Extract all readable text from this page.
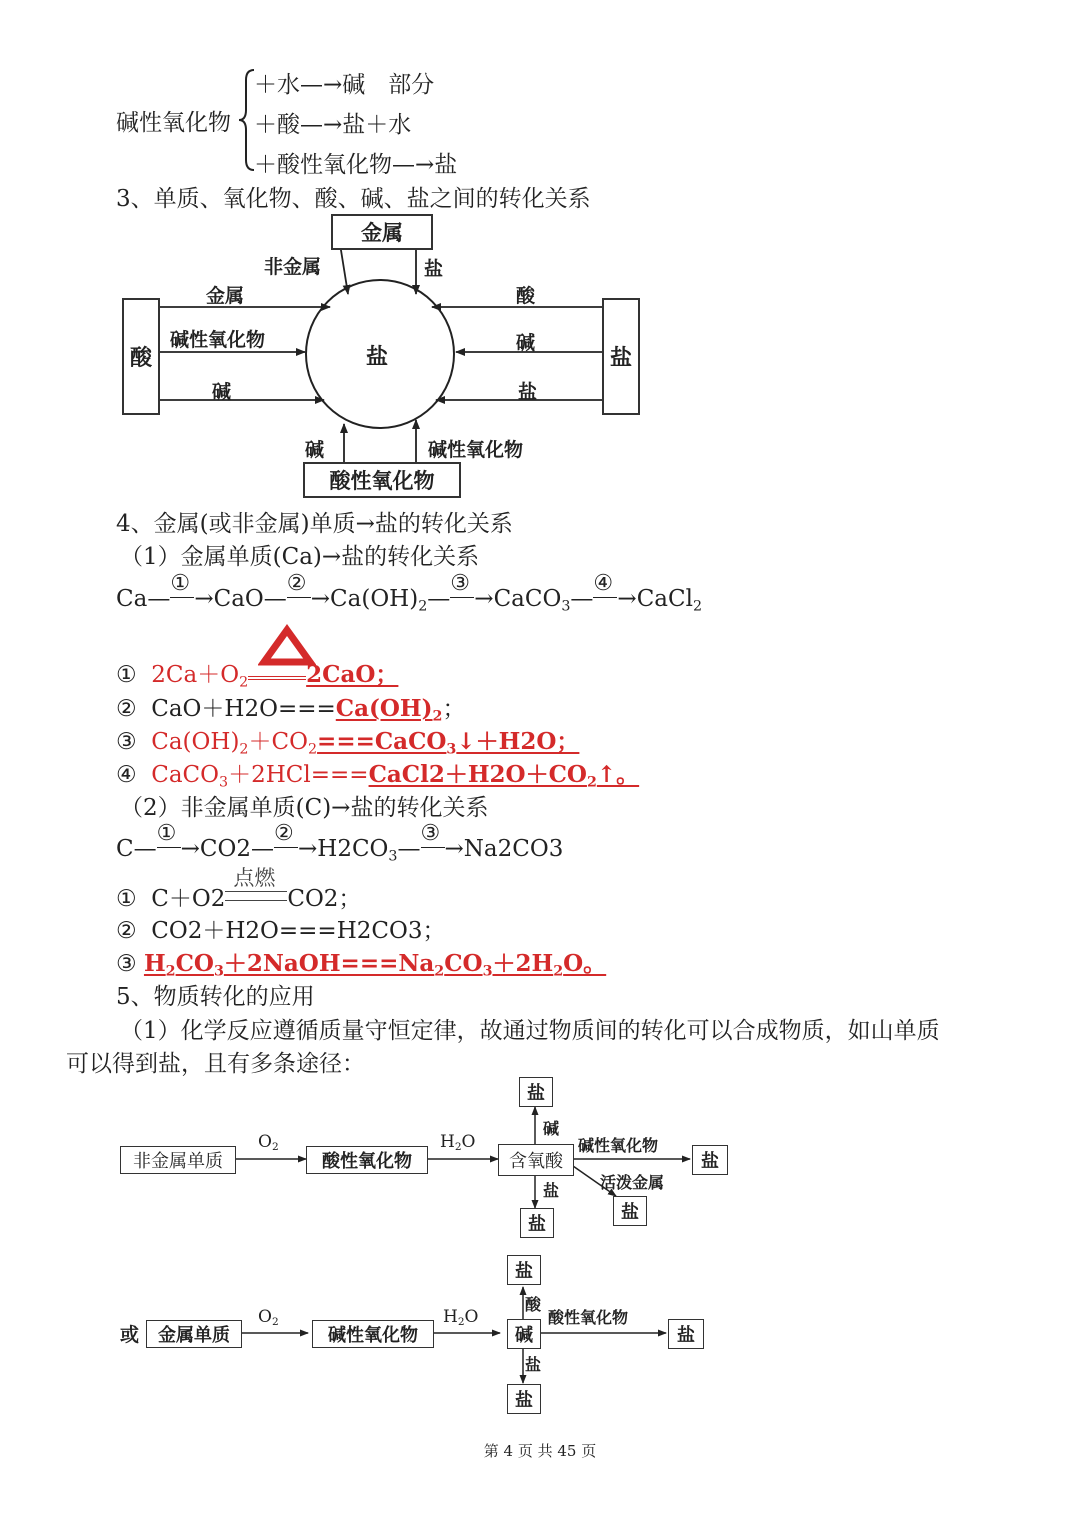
碱性氧化物
＋水—→碱　部分
＋酸—→盐＋水
＋酸性氧化物—→盐
3、单质、氧化物、酸、碱、盐之间的转化关系
金属
酸	盐
酸性氧化物
盐
非金属	盐
金属
碱性氧化物
碱
酸
碱
盐
碱	碱性氧化物
4、金属(或非金属)单质→盐的转化关系
（1）金属单质(Ca)→盐的转化关系
Ca—
①
→CaO—
②
$\to Ca(OH)_2—$
③
→CaCO$_3$—
④
→CaCl$_2$
① $2Ca+O_2$	2CaO；
② $CaO+H2O===Ca(OH)_2$；
③ $Ca(OH)_2+CO_2===CaCO_3↓+H2O$；
④ $CaCO_3+2HCl===CaCl2+H2O+CO_2↑$。
（2）非金属单质(C)→盐的转化关系
C—
①
→CO2—
②
$\to H2CO_3—$
③
→Na2CO3
① C＋O2
点燃
CO2；
② CO2＋H2O===H2CO3；
③ $H_2CO_3+2NaOH===Na_2CO_3+2H_2O$。
5、物质转化的应用
（1）化学反应遵循质量守恒定律，故通过物质间的转化可以合成物质，如山单质
可以得到盐，且有多条途径：
非金属单质
$O_2$
酸性氧化物
$H_2O$
含氧酸
盐
碱
碱性氧化物
盐
活泼金属
盐
盐
盐
或	金属单质
$O_2$
碱性氧化物
$H_2O$
碱
盐
酸
酸性氧化物
盐
盐
盐
第 4 页 共 45 页
